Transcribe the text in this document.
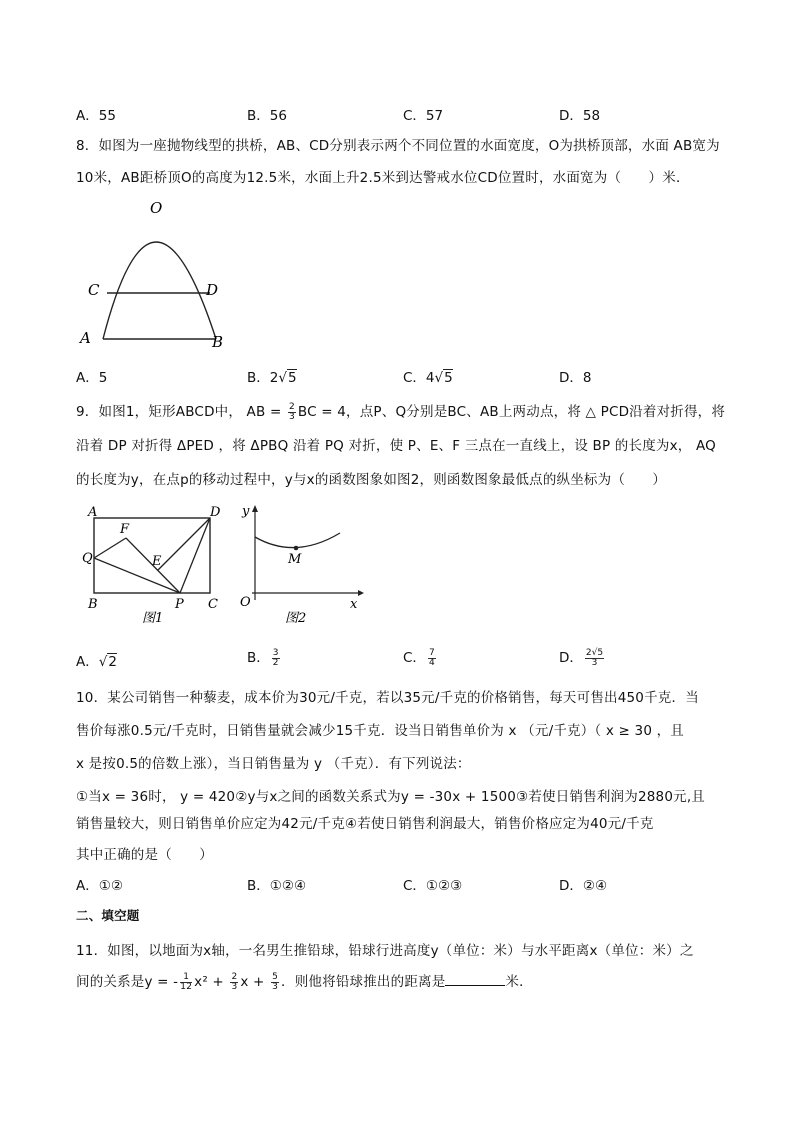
A．55	B．56	C．57	D．58
8．如图为一座抛物线型的拱桥，AB、CD分别表示两个不同位置的水面宽度，O为拱桥顶部，水面 AB宽为
10米，AB距桥顶O的高度为12.5米，水面上升2.5米到达警戒水位CD位置时，水面宽为（　　）米．
O
C	D
A	B
A．5	B．2√5	C．4√5	D．8
9．如图1，矩形ABCD中， AB = $\frac{2}{3}$ BC = 4，点P、Q分别是BC、AB上两动点，将 △ PCD沿着对折得，将
沿着 DP 对折得 ΔPED ，将 ΔPBQ 沿着 PQ 对折，使 P、E、F 三点在一直线上，设 BP 的长度为x， AQ
的长度为y，在点p的移动过程中，y与x的函数图象如图2，则函数图象最低点的纵坐标为（　　）
A	D
F
Q	E
B	P C
图1
y
M
O	x
图2
A．√2	B． $\frac{3}{2}$	C． $\frac{7}{4}$	D． $\frac{2√5}{3}$
10．某公司销售一种藜麦，成本价为30元/千克，若以35元/千克的价格销售，每天可售出450千克．当
售价每涨0.5元/千克时，日销售量就会减少15千克．设当日销售单价为 x （元/千克）（ x ≥ 30 ，且
x 是按0.5的倍数上涨），当日销售量为 y （千克）．有下列说法：
①当x = 36时， y = 420②y与x之间的函数关系式为y = -30x + 1500③若使日销售利润为2880元,且
销售量较大，则日销售单价应定为42元/千克④若使日销售利润最大，销售价格应定为40元/千克
其中正确的是（　　）
A．①②	B．①②④	C．①②③	D．②④
二、填空题
11．如图，以地面为x轴，一名男生推铅球，铅球行进高度y（单位：米）与水平距离x（单位：米）之
间的关系是y = - $\frac{1}{12} x^2 + \frac{2}{3}$ $x + \frac{5}{3}$ ．则他将铅球推出的距离是	米．
